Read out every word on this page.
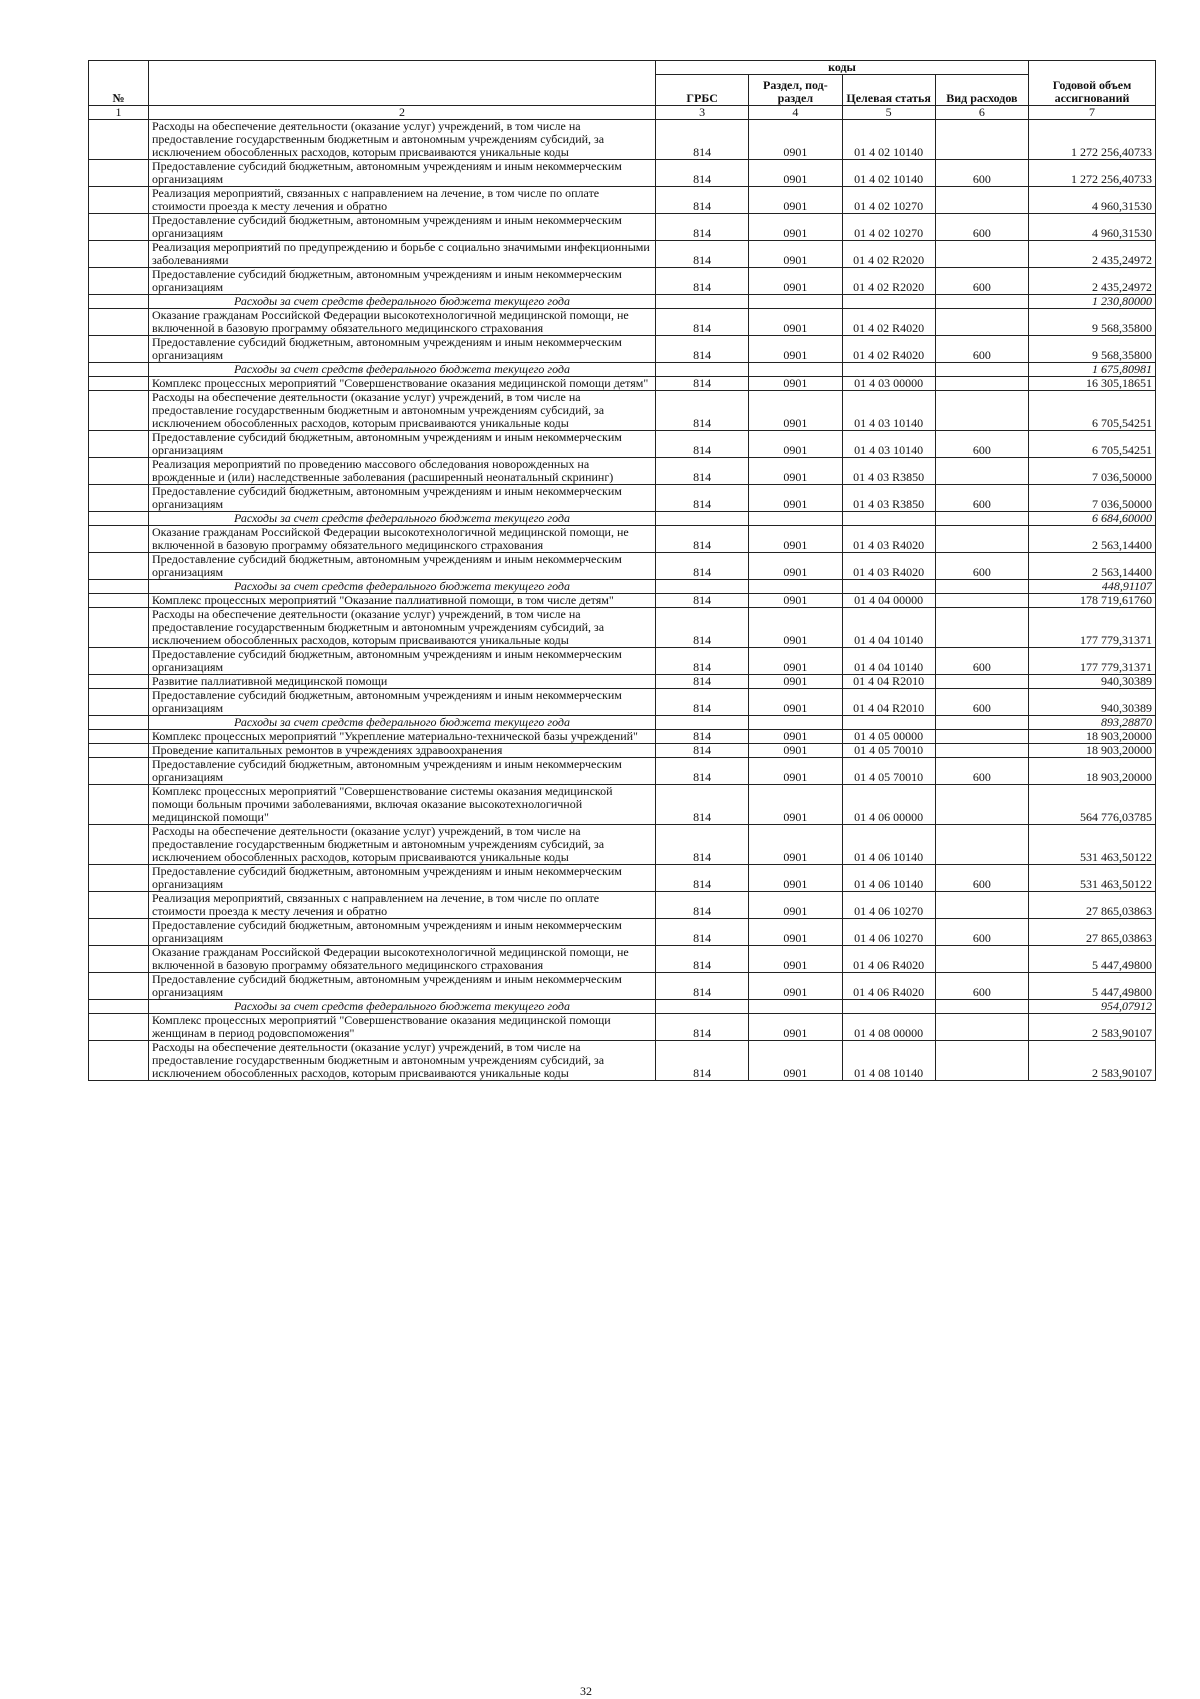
№		коды				Годовой объем ассигнований
		ГРБС	Раздел, под-раздел	Целевая статья	Вид расходов	
1	2	3	4	5	6	7
	Расходы на обеспечение деятельности (оказание услуг) учреждений, в том числе на предоставление государственным бюджетным и автономным учреждениям субсидий, за исключением обособленных расходов, которым присваиваются уникальные коды	814	0901	01 4 02 10140		1 272 256,40733
	Предоставление субсидий бюджетным, автономным учреждениям и иным некоммерческим организациям	814	0901	01 4 02 10140	600	1 272 256,40733
	Реализация мероприятий, связанных с направлением на лечение, в том числе по оплате стоимости проезда к месту лечения и обратно	814	0901	01 4 02 10270		4 960,31530
	Предоставление субсидий бюджетным, автономным учреждениям и иным некоммерческим организациям	814	0901	01 4 02 10270	600	4 960,31530
	Реализация мероприятий по предупреждению и борьбе с социально значимыми инфекционными заболеваниями	814	0901	01 4 02 R2020		2 435,24972
	Предоставление субсидий бюджетным, автономным учреждениям и иным некоммерческим организациям	814	0901	01 4 02 R2020	600	2 435,24972
	Расходы за счет средств федерального бюджета текущего года					1 230,80000
	Оказание гражданам Российской Федерации высокотехнологичной медицинской помощи, не включенной в базовую программу обязательного медицинского страхования	814	0901	01 4 02 R4020		9 568,35800
	Предоставление субсидий бюджетным, автономным учреждениям и иным некоммерческим организациям	814	0901	01 4 02 R4020	600	9 568,35800
	Расходы за счет средств федерального бюджета текущего года					1 675,80981
	Комплекс процессных мероприятий "Совершенствование оказания медицинской помощи детям"	814	0901	01 4 03 00000		16 305,18651
	Расходы на обеспечение деятельности (оказание услуг) учреждений, в том числе на предоставление государственным бюджетным и автономным учреждениям субсидий, за исключением обособленных расходов, которым присваиваются уникальные коды	814	0901	01 4 03 10140		6 705,54251
	Предоставление субсидий бюджетным, автономным учреждениям и иным некоммерческим организациям	814	0901	01 4 03 10140	600	6 705,54251
	Реализация мероприятий по проведению массового обследования новорожденных на врожденные и (или) наследственные заболевания (расширенный неонатальный скрининг)	814	0901	01 4 03 R3850		7 036,50000
	Предоставление субсидий бюджетным, автономным учреждениям и иным некоммерческим организациям	814	0901	01 4 03 R3850	600	7 036,50000
	Расходы за счет средств федерального бюджета текущего года					6 684,60000
	Оказание гражданам Российской Федерации высокотехнологичной медицинской помощи, не включенной в базовую программу обязательного медицинского страхования	814	0901	01 4 03 R4020		2 563,14400
	Предоставление субсидий бюджетным, автономным учреждениям и иным некоммерческим организациям	814	0901	01 4 03 R4020	600	2 563,14400
	Расходы за счет средств федерального бюджета текущего года					448,91107
	Комплекс процессных мероприятий "Оказание паллиативной помощи, в том числе детям"	814	0901	01 4 04 00000		178 719,61760
	Расходы на обеспечение деятельности (оказание услуг) учреждений, в том числе на предоставление государственным бюджетным и автономным учреждениям субсидий, за исключением обособленных расходов, которым присваиваются уникальные коды	814	0901	01 4 04 10140		177 779,31371
	Предоставление субсидий бюджетным, автономным учреждениям и иным некоммерческим организациям	814	0901	01 4 04 10140	600	177 779,31371
	Развитие паллиативной медицинской помощи	814	0901	01 4 04 R2010		940,30389
	Предоставление субсидий бюджетным, автономным учреждениям и иным некоммерческим организациям	814	0901	01 4 04 R2010	600	940,30389
	Расходы за счет средств федерального бюджета текущего года					893,28870
	Комплекс процессных мероприятий "Укрепление материально-технической базы учреждений"	814	0901	01 4 05 00000		18 903,20000
	Проведение капитальных ремонтов в учреждениях здравоохранения	814	0901	01 4 05 70010		18 903,20000
	Предоставление субсидий бюджетным, автономным учреждениям и иным некоммерческим организациям	814	0901	01 4 05 70010	600	18 903,20000
	Комплекс процессных мероприятий "Совершенствование системы оказания медицинской помощи больным прочими заболеваниями, включая оказание высокотехнологичной медицинской помощи"	814	0901	01 4 06 00000		564 776,03785
	Расходы на обеспечение деятельности (оказание услуг) учреждений, в том числе на предоставление государственным бюджетным и автономным учреждениям субсидий, за исключением обособленных расходов, которым присваиваются уникальные коды	814	0901	01 4 06 10140		531 463,50122
	Предоставление субсидий бюджетным, автономным учреждениям и иным некоммерческим организациям	814	0901	01 4 06 10140	600	531 463,50122
	Реализация мероприятий, связанных с направлением на лечение, в том числе по оплате стоимости проезда к месту лечения и обратно	814	0901	01 4 06 10270		27 865,03863
	Предоставление субсидий бюджетным, автономным учреждениям и иным некоммерческим организациям	814	0901	01 4 06 10270	600	27 865,03863
	Оказание гражданам Российской Федерации высокотехнологичной медицинской помощи, не включенной в базовую программу обязательного медицинского страхования	814	0901	01 4 06 R4020		5 447,49800
	Предоставление субсидий бюджетным, автономным учреждениям и иным некоммерческим организациям	814	0901	01 4 06 R4020	600	5 447,49800
	Расходы за счет средств федерального бюджета текущего года					954,07912
	Комплекс процессных мероприятий "Совершенствование оказания медицинской помощи женщинам в период родовспоможения"	814	0901	01 4 08 00000		2 583,90107
	Расходы на обеспечение деятельности (оказание услуг) учреждений, в том числе на предоставление государственным бюджетным и автономным учреждениям субсидий, за исключением обособленных расходов, которым присваиваются уникальные коды	814	0901	01 4 08 10140		2 583,90107
32
